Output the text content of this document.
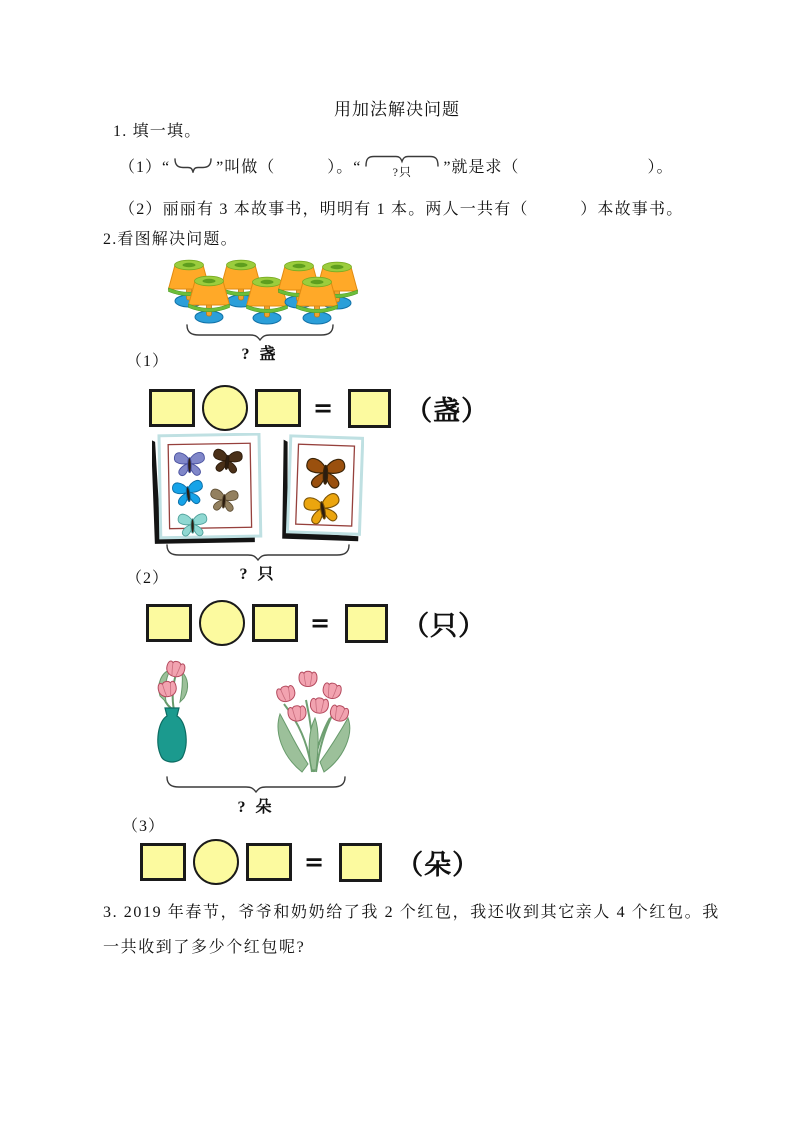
用加法解决问题
1. 填一填。
（1）“	”叫做（	）。“	?只	”就是求（	）。
（2）丽丽有 3 本故事书，明明有 1 本。两人一共有（　　　）本故事书。
2.看图解决问题。
? 盏
（1）
=	（盏）
? 只
（2）
=	（只）
? 朵
（3）
=	（朵）
3. 2019 年春节，爷爷和奶奶给了我 2 个红包，我还收到其它亲人 4 个红包。我
一共收到了多少个红包呢?
